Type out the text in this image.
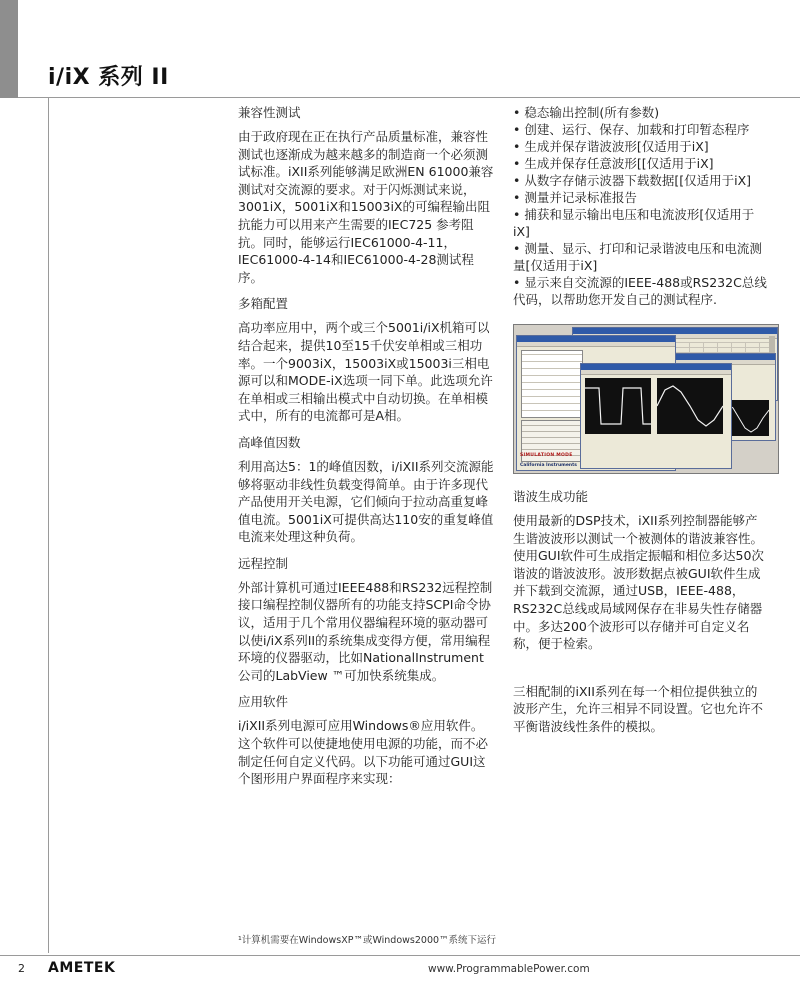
i/iX 系列 II
兼容性测试

由于政府现在正在执行产品质量标准，兼容性测试也逐渐成为越来越多的制造商一个必须测试标准。iXII系列能够满足欧洲EN 61000兼容测试对交流源的要求。对于闪烁测试来说，3001iX，5001iX和15003iX的可编程输出阻抗能力可以用来产生需要的IEC725 参考阻抗。同时，能够运行IEC61000-4-11，IEC61000-4-14和IEC61000-4-28测试程序。

多箱配置

高功率应用中，两个或三个5001i/iX机箱可以结合起来，提供10至15千伏安单相或三相功率。一个9003iX，15003iX或15003i三相电源可以和MODE-iX选项一同下单。此选项允许在单相或三相输出模式中自动切换。在单相模式中，所有的电流都可是A相。

高峰值因数

利用高达5：1的峰值因数，i/iXII系列交流源能够将驱动非线性负载变得简单。由于许多现代产品使用开关电源，它们倾向于拉动高重复峰值电流。5001iX可提供高达110安的重复峰值电流来处理这种负荷。

远程控制

外部计算机可通过IEEE488和RS232远程控制接口编程控制仪器所有的功能支持SCPI命令协议，适用于几个常用仪器编程环境的驱动器可以使i/iX系列II的系统集成变得方便，常用编程环境的仪器驱动，比如NationalInstrument公司的LabView ™可加快系统集成。

应用软件

i/iXII系列电源可应用Windows®应用软件。这个软件可以使捷地使用电源的功能，而不必制定任何自定义代码。以下功能可通过GUI这个图形用户界面程序来实现：

• 稳态输出控制(所有参数)
• 创建、运行、保存、加载和打印暂态程序
• 生成并保存谐波波形[仅适用于iX]
• 生成并保存任意波形[[仅适用于iX]
• 从数字存储示波器下载数据[[仅适用于iX]
• 测量并记录标准报告
• 捕获和显示输出电压和电流波形[仅适用于iX]
• 测量、显示、打印和记录谐波电压和电流测量[仅适用于iX]
• 显示来自交流源的IEEE-488或RS232C总线代码，以帮助您开发自己的测试程序.
SIMULATION MODE
California Instruments
谐波生成功能

使用最新的DSP技术，iXII系列控制器能够产生谐波波形以测试一个被测体的谐波兼容性。使用GUI软件可生成指定振幅和相位多达50次谐波的谐波波形。波形数据点被GUI软件生成并下载到交流源，通过USB，IEEE-488，RS232C总线或局域网保存在非易失性存储器中。多达200个波形可以存储并可自定义名称，便于检索。

三相配制的iXII系列在每一个相位提供独立的波形产生，允许三相异不同设置。它也允许不平衡谐波线性条件的模拟。

¹计算机需要在WindowsXP™或Windows2000™系统下运行

2 AMETEK	www.ProgrammablePower.com
